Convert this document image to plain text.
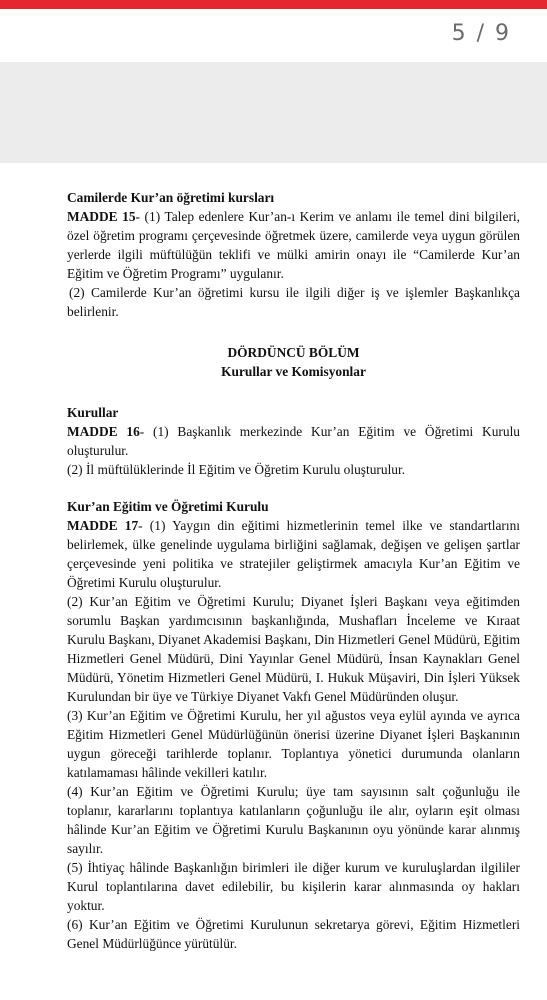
5 / 9

Camilerde Kur’an öğretimi kursları

MADDE 15- (1) Talep edenlere Kur’an-ı Kerim ve anlamı ile temel dini bilgileri, özel öğretim programı çerçevesinde öğretmek üzere, camilerde veya uygun görülen yerlerde ilgili müftülüğün teklifi ve mülki amirin onayı ile “Camilerde Kur’an Eğitim ve Öğretim Programı” uygulanır.

(2) Camilerde Kur’an öğretimi kursu ile ilgili diğer iş ve işlemler Başkanlıkça belirlenir.

DÖRDÜNCÜ BÖLÜM

Kurullar ve Komisyonlar

Kurullar

MADDE 16- (1) Başkanlık merkezinde Kur’an Eğitim ve Öğretimi Kurulu oluşturulur.

(2) İl müftülüklerinde İl Eğitim ve Öğretim Kurulu oluşturulur.

Kur’an Eğitim ve Öğretimi Kurulu

MADDE 17- (1) Yaygın din eğitimi hizmetlerinin temel ilke ve standartlarını belirlemek, ülke genelinde uygulama birliğini sağlamak, değişen ve gelişen şartlar çerçevesinde yeni politika ve stratejiler geliştirmek amacıyla Kur’an Eğitim ve Öğretimi Kurulu oluşturulur.

(2) Kur’an Eğitim ve Öğretimi Kurulu; Diyanet İşleri Başkanı veya eğitimden sorumlu Başkan yardımcısının başkanlığında, Mushafları İnceleme ve Kıraat Kurulu Başkanı, Diyanet Akademisi Başkanı, Din Hizmetleri Genel Müdürü, Eğitim Hizmetleri Genel Müdürü, Dini Yayınlar Genel Müdürü, İnsan Kaynakları Genel Müdürü, Yönetim Hizmetleri Genel Müdürü, I. Hukuk Müşaviri, Din İşleri Yüksek Kurulundan bir üye ve Türkiye Diyanet Vakfı Genel Müdüründen oluşur.

(3) Kur’an Eğitim ve Öğretimi Kurulu, her yıl ağustos veya eylül ayında ve ayrıca Eğitim Hizmetleri Genel Müdürlüğünün önerisi üzerine Diyanet İşleri Başkanının uygun göreceği tarihlerde toplanır. Toplantıya yönetici durumunda olanların katılamaması hâlinde vekilleri katılır.

(4) Kur’an Eğitim ve Öğretimi Kurulu; üye tam sayısının salt çoğunluğu ile toplanır, kararlarını toplantıya katılanların çoğunluğu ile alır, oyların eşit olması hâlinde Kur’an Eğitim ve Öğretimi Kurulu Başkanının oyu yönünde karar alınmış sayılır.

(5) İhtiyaç hâlinde Başkanlığın birimleri ile diğer kurum ve kuruluşlardan ilgililer Kurul toplantılarına davet edilebilir, bu kişilerin karar alınmasında oy hakları yoktur.

(6) Kur’an Eğitim ve Öğretimi Kurulunun sekretarya görevi, Eğitim Hizmetleri Genel Müdürlüğünce yürütülür.
